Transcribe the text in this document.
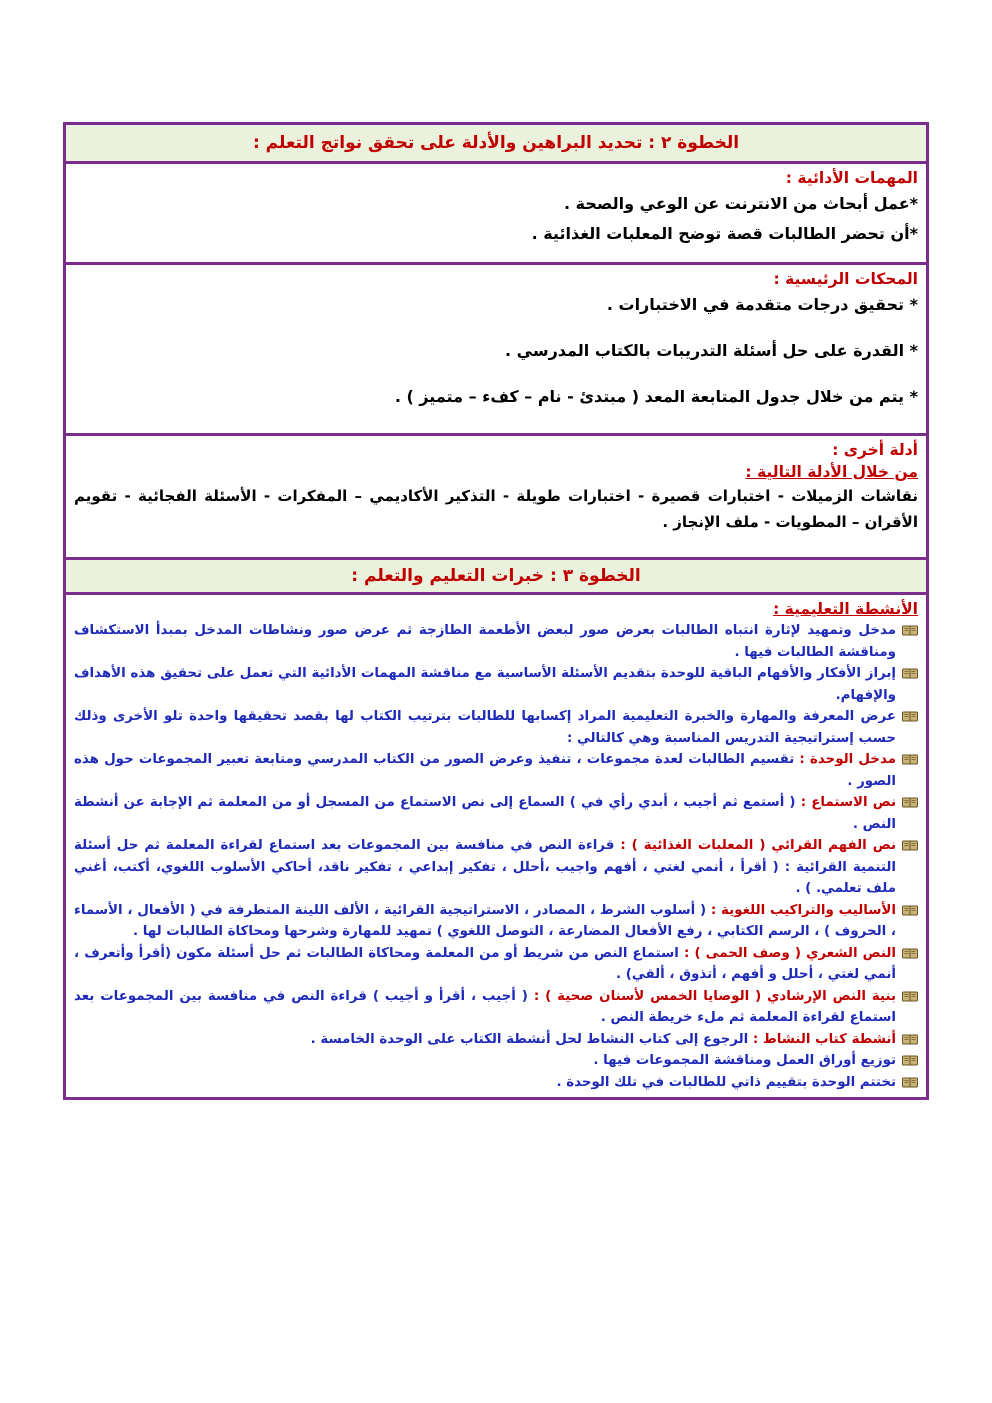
الخطوة ٢ : تحديد البراهين والأدلة على تحقق نواتج التعلم :
المهمات الأدائية :
*عمل أبحاث من الانترنت عن الوعي والصحة .
*أن تحضر الطالبات قصة توضح المعلبات الغذائية .
المحكات الرئيسية :
* تحقيق درجات متقدمة في الاختبارات .
* القدرة على حل أسئلة التدريبات بالكتاب المدرسي .
* يتم من خلال جدول المتابعة المعد ( مبتدئ - نام – كفء – متميز ) .
أدلة أخرى :
من خلال الأدلة التالية :
نقاشات الزميلات - اختبارات قصيرة - اختبارات طويلة - التذكير الأكاديمي – المفكرات - الأسئلة الفجائية - تقويم الأقران – المطويات - ملف الإنجاز .
الخطوة ٣ : خبرات التعليم والتعلم :
الأنشطة التعليمية :
مدخل وتمهيد لإثارة انتباه الطالبات بعرض صور لبعض الأطعمة الطازجة ثم عرض صور ونشاطات المدخل بمبدأ الاستكشاف ومناقشة الطالبات فيها .
إبراز الأفكار والأفهام الباقية للوحدة بتقديم الأسئلة الأساسية مع مناقشة المهمات الأدائية التي تعمل على تحقيق هذه الأهداف والإفهام.
عرض المعرفة والمهارة والخبرة التعليمية المراد إكسابها للطالبات بترتيب الكتاب لها بقصد تحقيقها واحدة تلو الأخرى وذلك حسب إستراتيجية التدريس المناسبة وهي كالتالي :
مدخل الوحدة : تقسيم الطالبات لعدة مجموعات ، تنفيذ وعرض الصور من الكتاب المدرسي ومتابعة تعبير المجموعات حول هذه الصور .
نص الاستماع : ( أستمع ثم أجيب ، أبدي رأي في ) السماع إلى نص الاستماع من المسجل أو من المعلمة ثم الإجابة عن أنشطة النص .
نص الفهم القرائي ( المعلبات الغذائية ) : قراءة النص في منافسة بين المجموعات بعد استماع لقراءة المعلمة ثم حل أسئلة التنمية القرائية : ( أقرأ ، أنمي لغتي ، أفهم واجيب ،أحلل ، تفكير إبداعي ، تفكير ناقد، أحاكي الأسلوب اللغوي، أكتب، أغني ملف تعلمي. ) .
الأساليب والتراكيب اللغوية : ( أسلوب الشرط ، المصادر ، الاستراتيجية القرائية ، الألف اللينة المتطرفة في ( الأفعال ، الأسماء ، الحروف ) ، الرسم الكتابي ، رفع الأفعال المضارعة ، التوصل اللغوي ) تمهيد للمهارة وشرحها ومحاكاة الطالبات لها .
النص الشعري ( وصف الحمى ) : استماع النص من شريط أو من المعلمة ومحاكاة الطالبات ثم حل أسئلة مكون (أقرأ وأتعرف ، أنمي لغتي ، أحلل و أفهم ، أتذوق ، ألقي) .
بنية النص الإرشادي ( الوصايا الخمس لأسنان صحية ) : ( أجيب ، أقرأ و أجيب ) قراءة النص في منافسة بين المجموعات بعد استماع لقراءة المعلمة ثم ملء خريطة النص .
أنشطة كتاب النشاط : الرجوع إلى كتاب النشاط لحل أنشطة الكتاب على الوحدة الخامسة .
توزيع أوراق العمل ومناقشة المجموعات فيها .
تختتم الوحدة بتقييم ذاتي للطالبات في تلك الوحدة .
